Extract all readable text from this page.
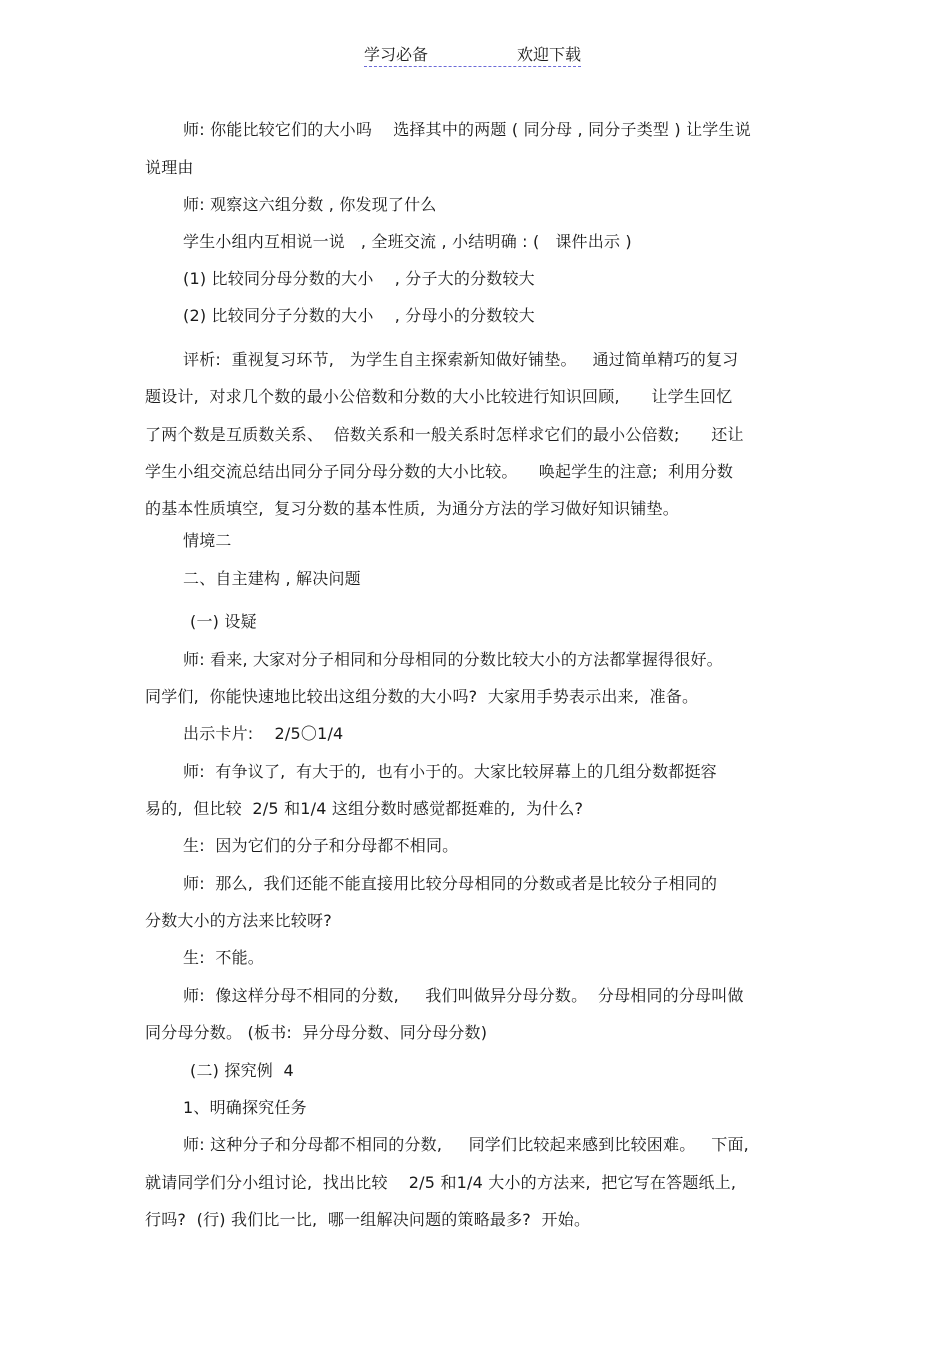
学习必备	欢迎下载
师: 你能比较它们的大小吗    选择其中的两题 ( 同分母 , 同分子类型 ) 让学生说
说理由
师: 观察这六组分数 , 你发现了什么
学生小组内互相说一说   , 全班交流 , 小结明确 : (   课件出示 )
(1) 比较同分母分数的大小    , 分子大的分数较大
(2) 比较同分子分数的大小    , 分母小的分数较大
评析:  重视复习环节,   为学生自主探索新知做好铺垫。   通过简单精巧的复习
题设计,  对求几个数的最小公倍数和分数的大小比较进行知识回顾,      让学生回忆
了两个数是互质数关系、  倍数关系和一般关系时怎样求它们的最小公倍数;      还让
学生小组交流总结出同分子同分母分数的大小比较。    唤起学生的注意;  利用分数
的基本性质填空,  复习分数的基本性质,  为通分方法的学习做好知识铺垫。
情境二
二、自主建构 , 解决问题
(一) 设疑
师: 看来, 大家对分子相同和分母相同的分数比较大小的方法都掌握得很好。
同学们,  你能快速地比较出这组分数的大小吗?  大家用手势表示出来,  准备。
出示卡片:    2/5〇1/4
师:  有争议了,  有大于的,  也有小于的。大家比较屏幕上的几组分数都挺容
易的,  但比较  2/5 和1/4 这组分数时感觉都挺难的,  为什么?
生:  因为它们的分子和分母都不相同。
师:  那么,  我们还能不能直接用比较分母相同的分数或者是比较分子相同的
分数大小的方法来比较呀?
生:  不能。
师:  像这样分母不相同的分数,     我们叫做异分母分数。  分母相同的分母叫做
同分母分数。 (板书:  异分母分数、同分母分数)
(二) 探究例  4
1、明确探究任务
师: 这种分子和分母都不相同的分数,     同学们比较起来感到比较困难。   下面,
就请同学们分小组讨论,  找出比较    2/5 和1/4 大小的方法来,  把它写在答题纸上,
行吗?  (行) 我们比一比,  哪一组解决问题的策略最多?  开始。
